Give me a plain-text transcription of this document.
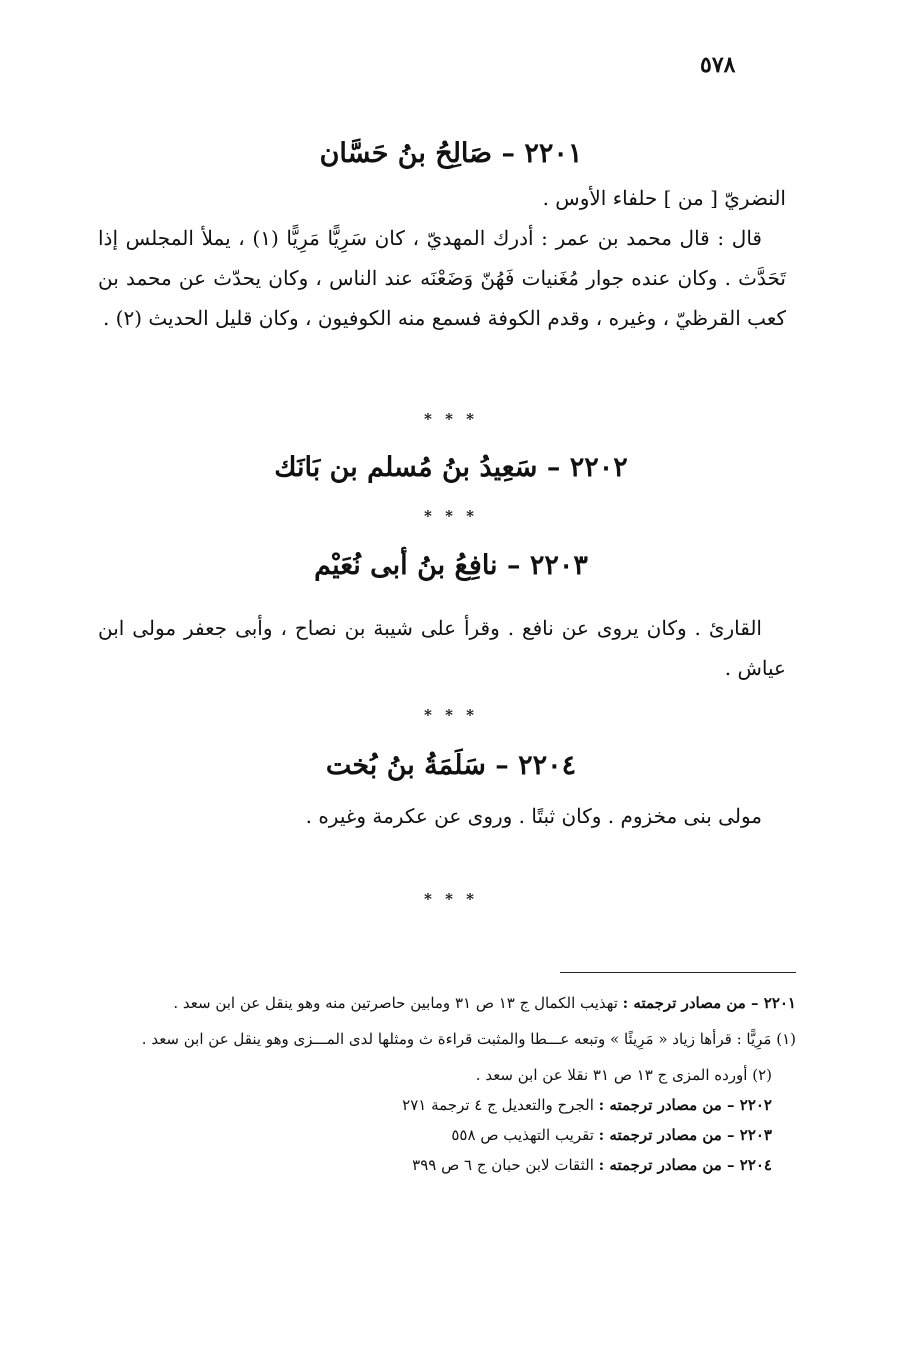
٥٧٨
٢٢٠١ – صَالِحُ بنُ حَسَّان

النضريّ [ من ] حلفاء الأوس .

قال : قال محمد بن عمر : أدرك المهديّ ، كان سَرِيًّا مَرِيًّا (١) ، يملأ المجلس إذا تَحَدَّث . وكان عنده جوار مُغَنيات فَهُنّ وَضَعْنَه عند الناس ، وكان يحدّث عن محمد بن كعب القرظيّ ، وغيره ، وقدم الكوفة فسمع منه الكوفيون ، وكان قليل الحديث (٢) .

* * *
٢٢٠٢ – سَعِيدُ بنُ مُسلم بن بَانَك
* * *
٢٢٠٣ – نافِعُ بنُ أبى نُعَيْم

القارئ . وكان يروى عن نافع . وقرأ على شيبة بن نصاح ، وأبى جعفر مولى ابن عياش .

* * *
٢٢٠٤ – سَلَمَةُ بنُ بُخت

مولى بنى مخزوم . وكان ثبتًا . وروى عن عكرمة وغيره .

* * *

٢٢٠١ – من مصادر ترجمته : تهذيب الكمال ج ١٣ ص ٣١ ومابين حاصرتين منه وهو ينقل عن ابن سعد .

(١) مَرِيًّا : قرأها زياد « مَرِيئًا » وتبعه عـــطا والمثبت قراءة ث ومثلها لدى المـــزى وهو ينقل عن ابن سعد .

(٢) أورده المزى ج ١٣ ص ٣١ نقلا عن ابن سعد .

٢٢٠٢ – من مصادر ترجمته : الجرح والتعديل ج ٤ ترجمة ٢٧١

٢٢٠٣ – من مصادر ترجمته : تقريب التهذيب ص ٥٥٨

٢٢٠٤ – من مصادر ترجمته : الثقات لابن حبان ج ٦ ص ٣٩٩
